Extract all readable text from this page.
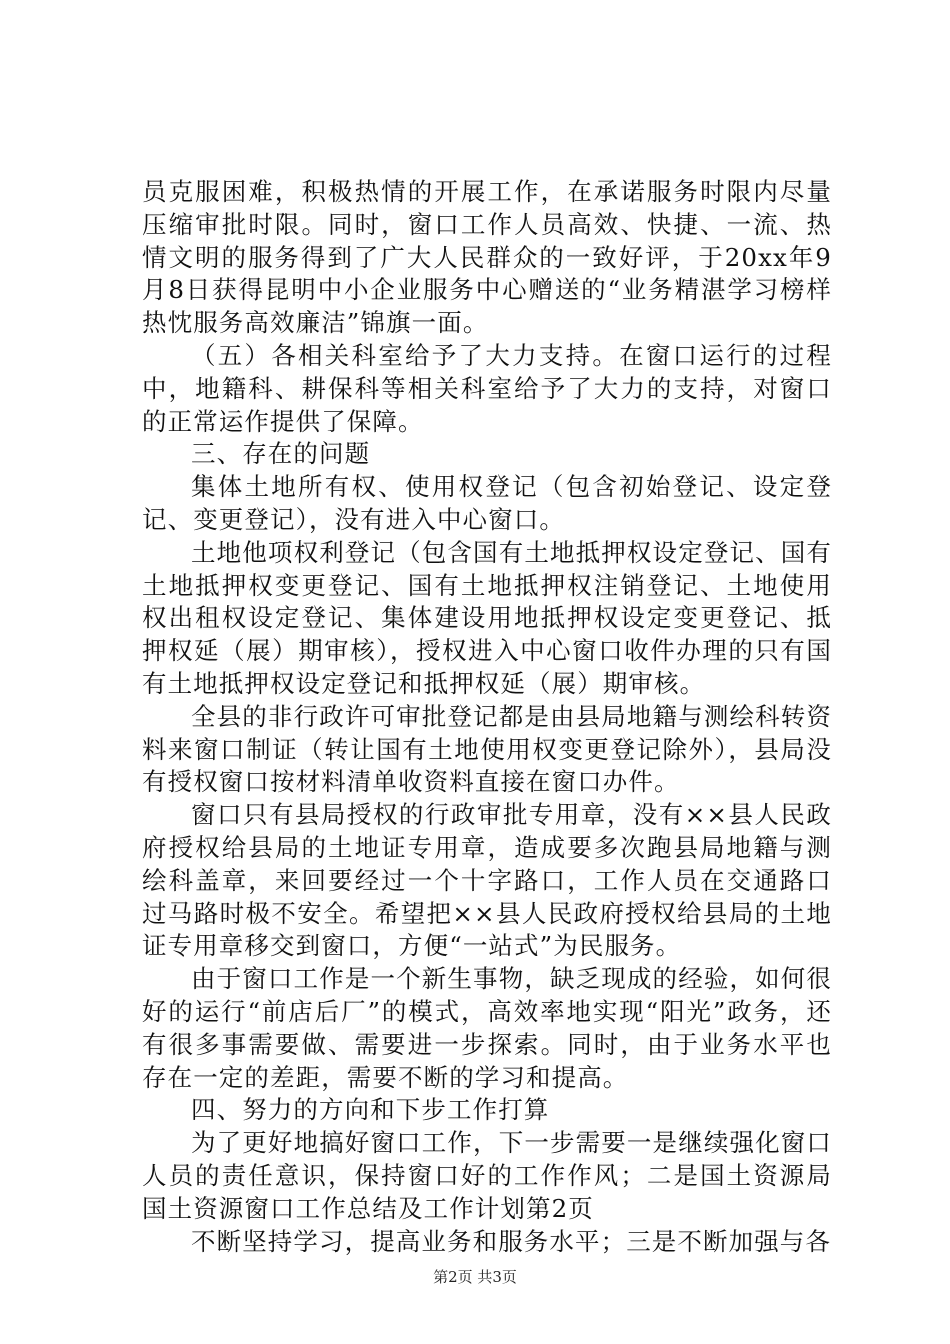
员克服困难，积极热情的开展工作，在承诺服务时限内尽量压缩审批时限。同时，窗口工作人员高效、快捷、一流、热情文明的服务得到了广大人民群众的一致好评，于20xx年9月8日获得昆明中小企业服务中心赠送的“业务精湛学习榜样热忱服务高效廉洁”锦旗一面。

（五）各相关科室给予了大力支持。在窗口运行的过程中，地籍科、耕保科等相关科室给予了大力的支持，对窗口的正常运作提供了保障。

三、存在的问题

集体土地所有权、使用权登记（包含初始登记、设定登记、变更登记），没有进入中心窗口。

土地他项权利登记（包含国有土地抵押权设定登记、国有土地抵押权变更登记、国有土地抵押权注销登记、土地使用权出租权设定登记、集体建设用地抵押权设定变更登记、抵押权延（展）期审核），授权进入中心窗口收件办理的只有国有土地抵押权设定登记和抵押权延（展）期审核。

全县的非行政许可审批登记都是由县局地籍与测绘科转资料来窗口制证（转让国有土地使用权变更登记除外），县局没有授权窗口按材料清单收资料直接在窗口办件。

窗口只有县局授权的行政审批专用章，没有××县人民政府授权给县局的土地证专用章，造成要多次跑县局地籍与测绘科盖章，来回要经过一个十字路口，工作人员在交通路口过马路时极不安全。希望把××县人民政府授权给县局的土地证专用章移交到窗口，方便“一站式”为民服务。

由于窗口工作是一个新生事物，缺乏现成的经验，如何很好的运行“前店后厂”的模式，高效率地实现“阳光”政务，还有很多事需要做、需要进一步探索。同时，由于业务水平也存在一定的差距，需要不断的学习和提高。

四、努力的方向和下步工作打算

为了更好地搞好窗口工作，下一步需要一是继续强化窗口人员的责任意识，保持窗口好的工作作风；二是国土资源局国土资源窗口工作总结及工作计划第2页

不断坚持学习，提高业务和服务水平；三是不断加强与各

第2页 共3页
